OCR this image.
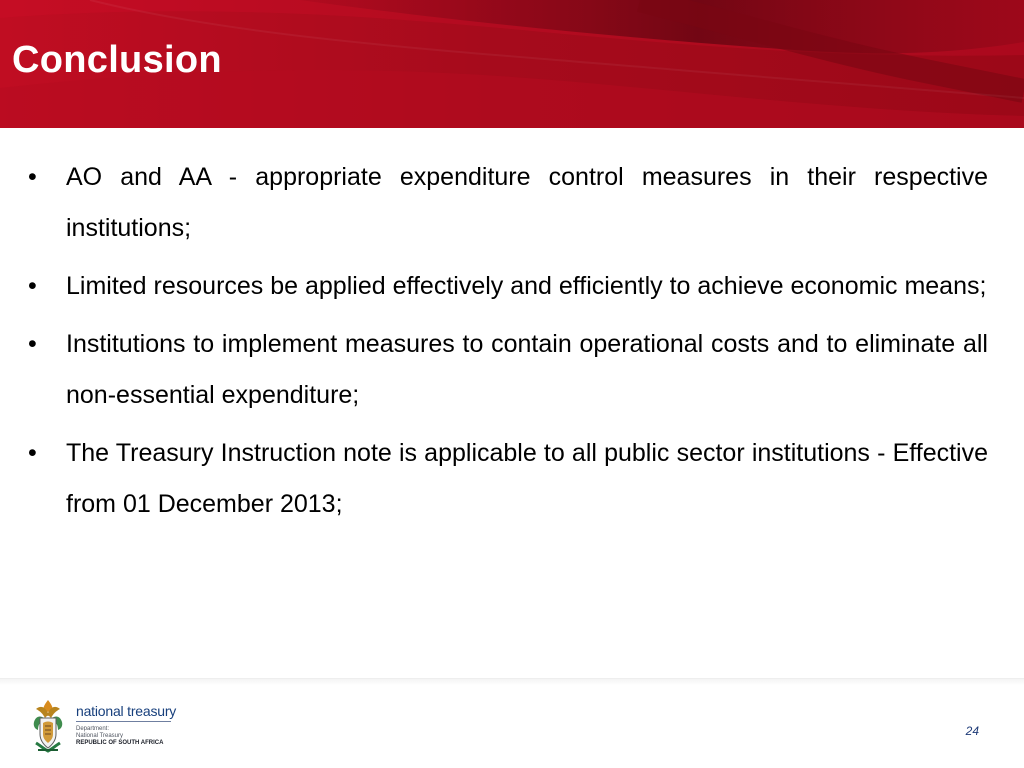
Conclusion
•	AO and AA - appropriate expenditure control measures in their respective institutions;
•	Limited resources be applied effectively and efficiently to achieve economic means;
•	Institutions to implement measures to contain operational costs and to eliminate all non-essential expenditure;
•	The Treasury Instruction note is applicable to all public sector institutions - Effective from 01 December 2013;
national treasury
Department:
National Treasury
REPUBLIC OF SOUTH AFRICA
24
